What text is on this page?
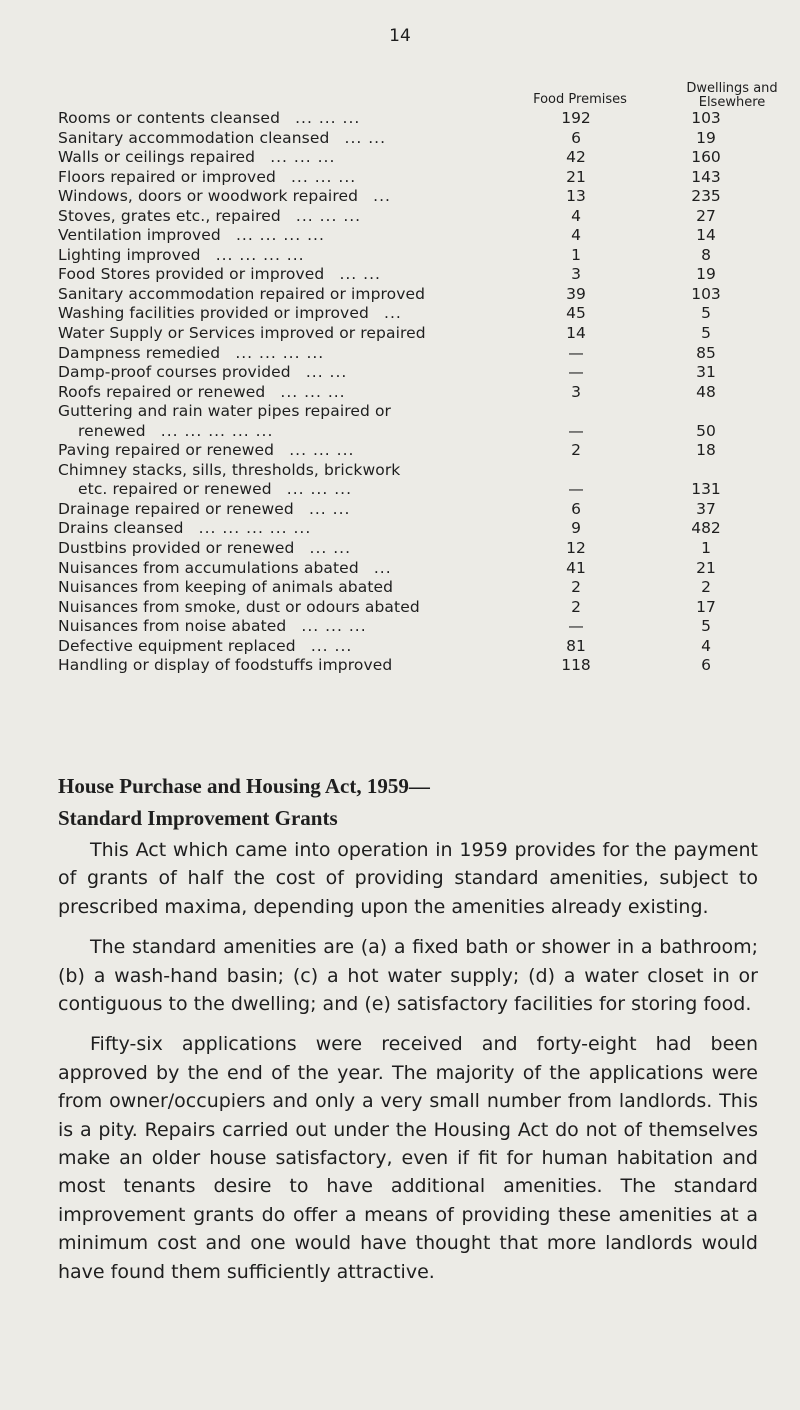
14
Food Premises
Dwellings and
Elsewhere
Rooms or contents cleansed ... ... ...	192	103
Sanitary accommodation cleansed ... ...	6	19
Walls or ceilings repaired ... ... ...	42	160
Floors repaired or improved ... ... ...	21	143
Windows, doors or woodwork repaired ...	13	235
Stoves, grates etc., repaired ... ... ...	4	27
Ventilation improved ... ... ... ...	4	14
Lighting improved ... ... ... ...	1	8
Food Stores provided or improved ... ...	3	19
Sanitary accommodation repaired or improved	39	103
Washing facilities provided or improved ...	45	5
Water Supply or Services improved or repaired	14	5
Dampness remedied ... ... ... ...	—	85
Damp-proof courses provided ... ...	—	31
Roofs repaired or renewed ... ... ...	3	48
Guttering and rain water pipes repaired or
renewed ... ... ... ... ...	—	50
Paving repaired or renewed ... ... ...	2	18
Chimney stacks, sills, thresholds, brickwork
etc. repaired or renewed ... ... ...	—	131
Drainage repaired or renewed ... ...	6	37
Drains cleansed ... ... ... ... ...	9	482
Dustbins provided or renewed ... ...	12	1
Nuisances from accumulations abated ...	41	21
Nuisances from keeping of animals abated	2	2
Nuisances from smoke, dust or odours abated	2	17
Nuisances from noise abated ... ... ...	—	5
Defective equipment replaced ... ...	81	4
Handling or display of foodstuffs improved	118	6
House Purchase and Housing Act, 1959—
Standard Improvement Grants

This Act which came into operation in 1959 provides for the payment of grants of half the cost of providing standard amenities, subject to prescribed maxima, depending upon the amenities already existing.

The standard amenities are (a) a fixed bath or shower in a bathroom; (b) a wash-hand basin; (c) a hot water supply; (d) a water closet in or contiguous to the dwelling; and (e) satisfactory facilities for storing food.

Fifty-six applications were received and forty-eight had been approved by the end of the year. The majority of the applications were from owner/occupiers and only a very small number from landlords. This is a pity. Repairs carried out under the Housing Act do not of themselves make an older house satisfactory, even if fit for human habitation and most tenants desire to have additional amenities. The standard improvement grants do offer a means of providing these amenities at a minimum cost and one would have thought that more landlords would have found them sufficiently attractive.
